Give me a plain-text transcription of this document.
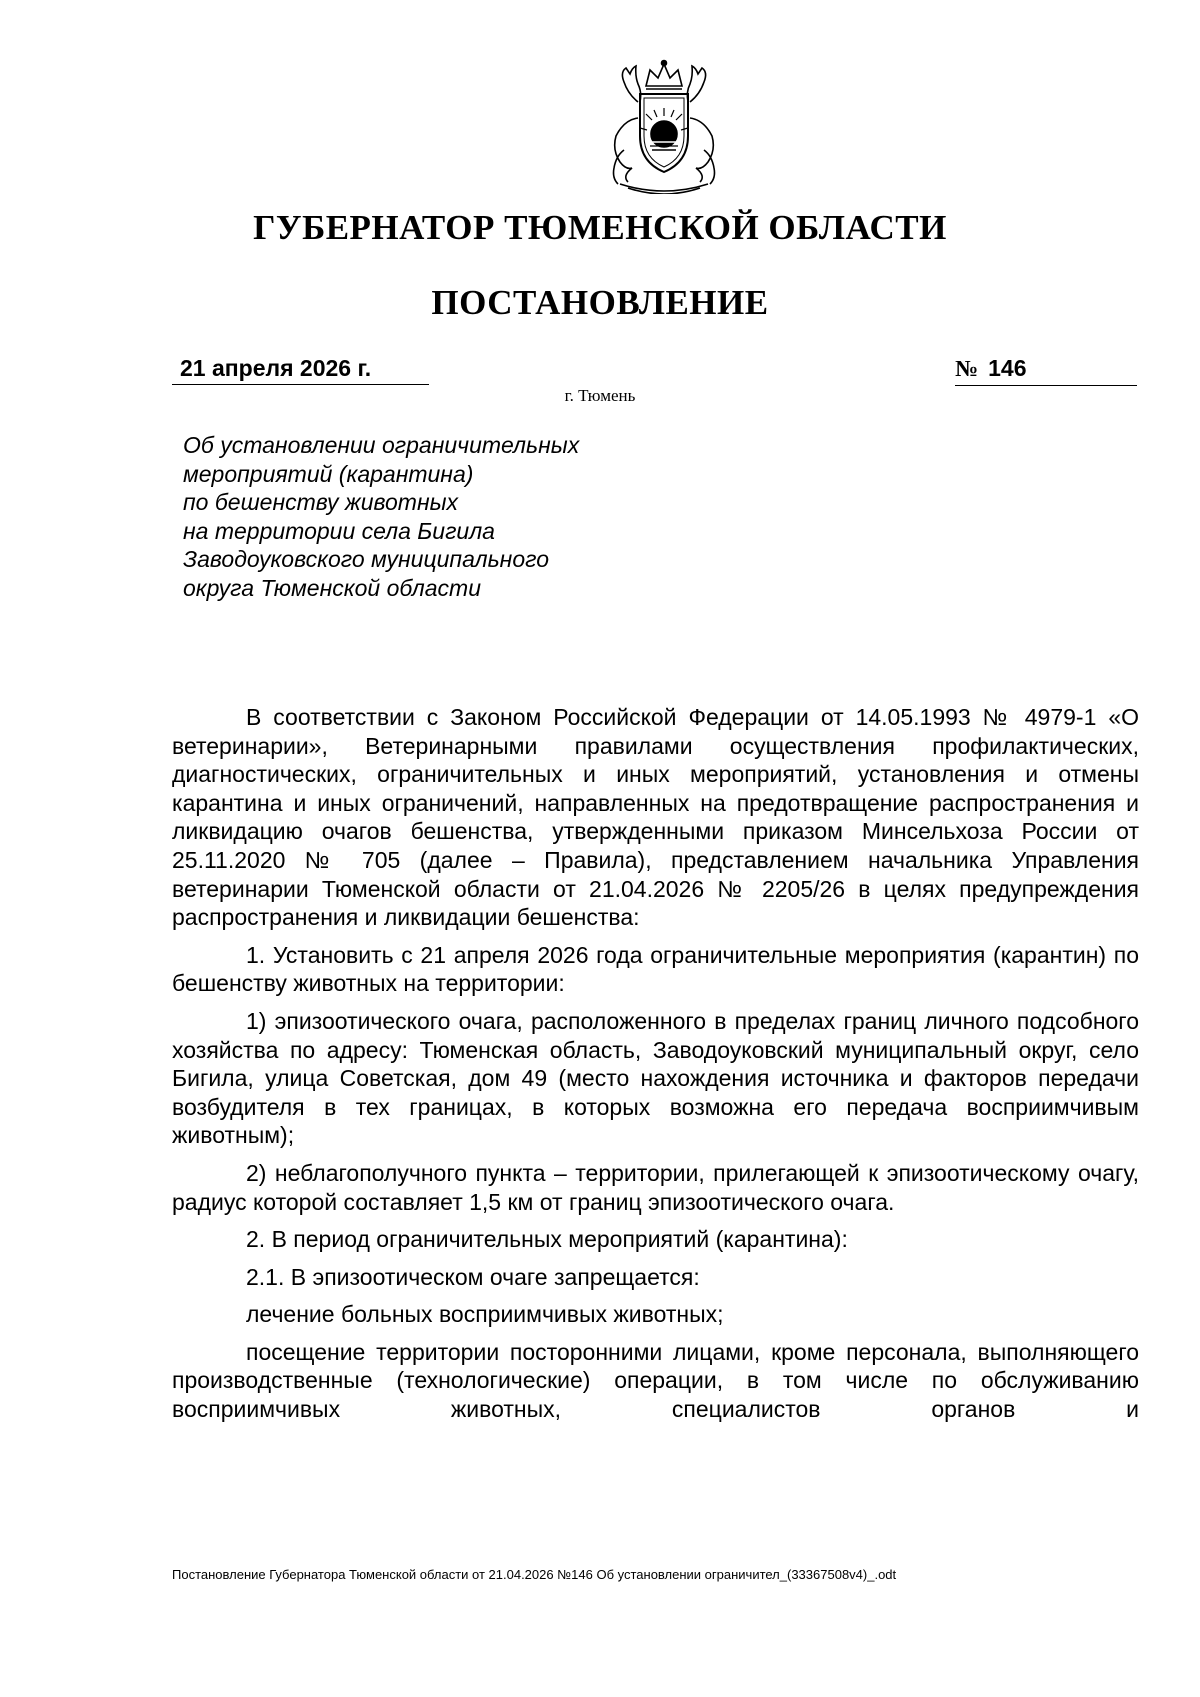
ГУБЕРНАТОР ТЮМЕНСКОЙ ОБЛАСТИ
ПОСТАНОВЛЕНИЕ
21 апреля 2026 г.	№ 146
г. Тюмень
Об установлении ограничительных
мероприятий (карантина)
по бешенству животных
на территории села Бигила
Заводоуковского муниципального
округа Тюменской области

В соответствии с Законом Российской Федерации от 14.05.1993 № 4979-1 «О ветеринарии», Ветеринарными правилами осуществления профилактических, диагностических, ограничительных и иных мероприятий, установления и отмены карантина и иных ограничений, направленных на предотвращение распространения и ликвидацию очагов бешенства, утвержденными приказом Минсельхоза России от 25.11.2020 № 705 (далее – Правила), представлением начальника Управления ветеринарии Тюменской области от 21.04.2026 № 2205/26 в целях предупреждения распространения и ликвидации бешенства:

1. Установить с 21 апреля 2026 года ограничительные мероприятия (карантин) по бешенству животных на территории:

1) эпизоотического очага, расположенного в пределах границ личного подсобного хозяйства по адресу: Тюменская область, Заводоуковский муниципальный округ, село Бигила, улица Советская, дом 49 (место нахождения источника и факторов передачи возбудителя в тех границах, в которых возможна его передача восприимчивым животным);

2) неблагополучного пункта – территории, прилегающей к эпизоотическому очагу, радиус которой составляет 1,5 км от границ эпизоотического очага.

2. В период ограничительных мероприятий (карантина):

2.1. В эпизоотическом очаге запрещается:

лечение больных восприимчивых животных;

посещение территории посторонними лицами, кроме персонала, выполняющего производственные (технологические) операции, в том числе по обслуживанию восприимчивых животных, специалистов органов и

Постановление Губернатора Тюменской области от 21.04.2026 №146 Об установлении ограничител_(33367508v4)_.odt
